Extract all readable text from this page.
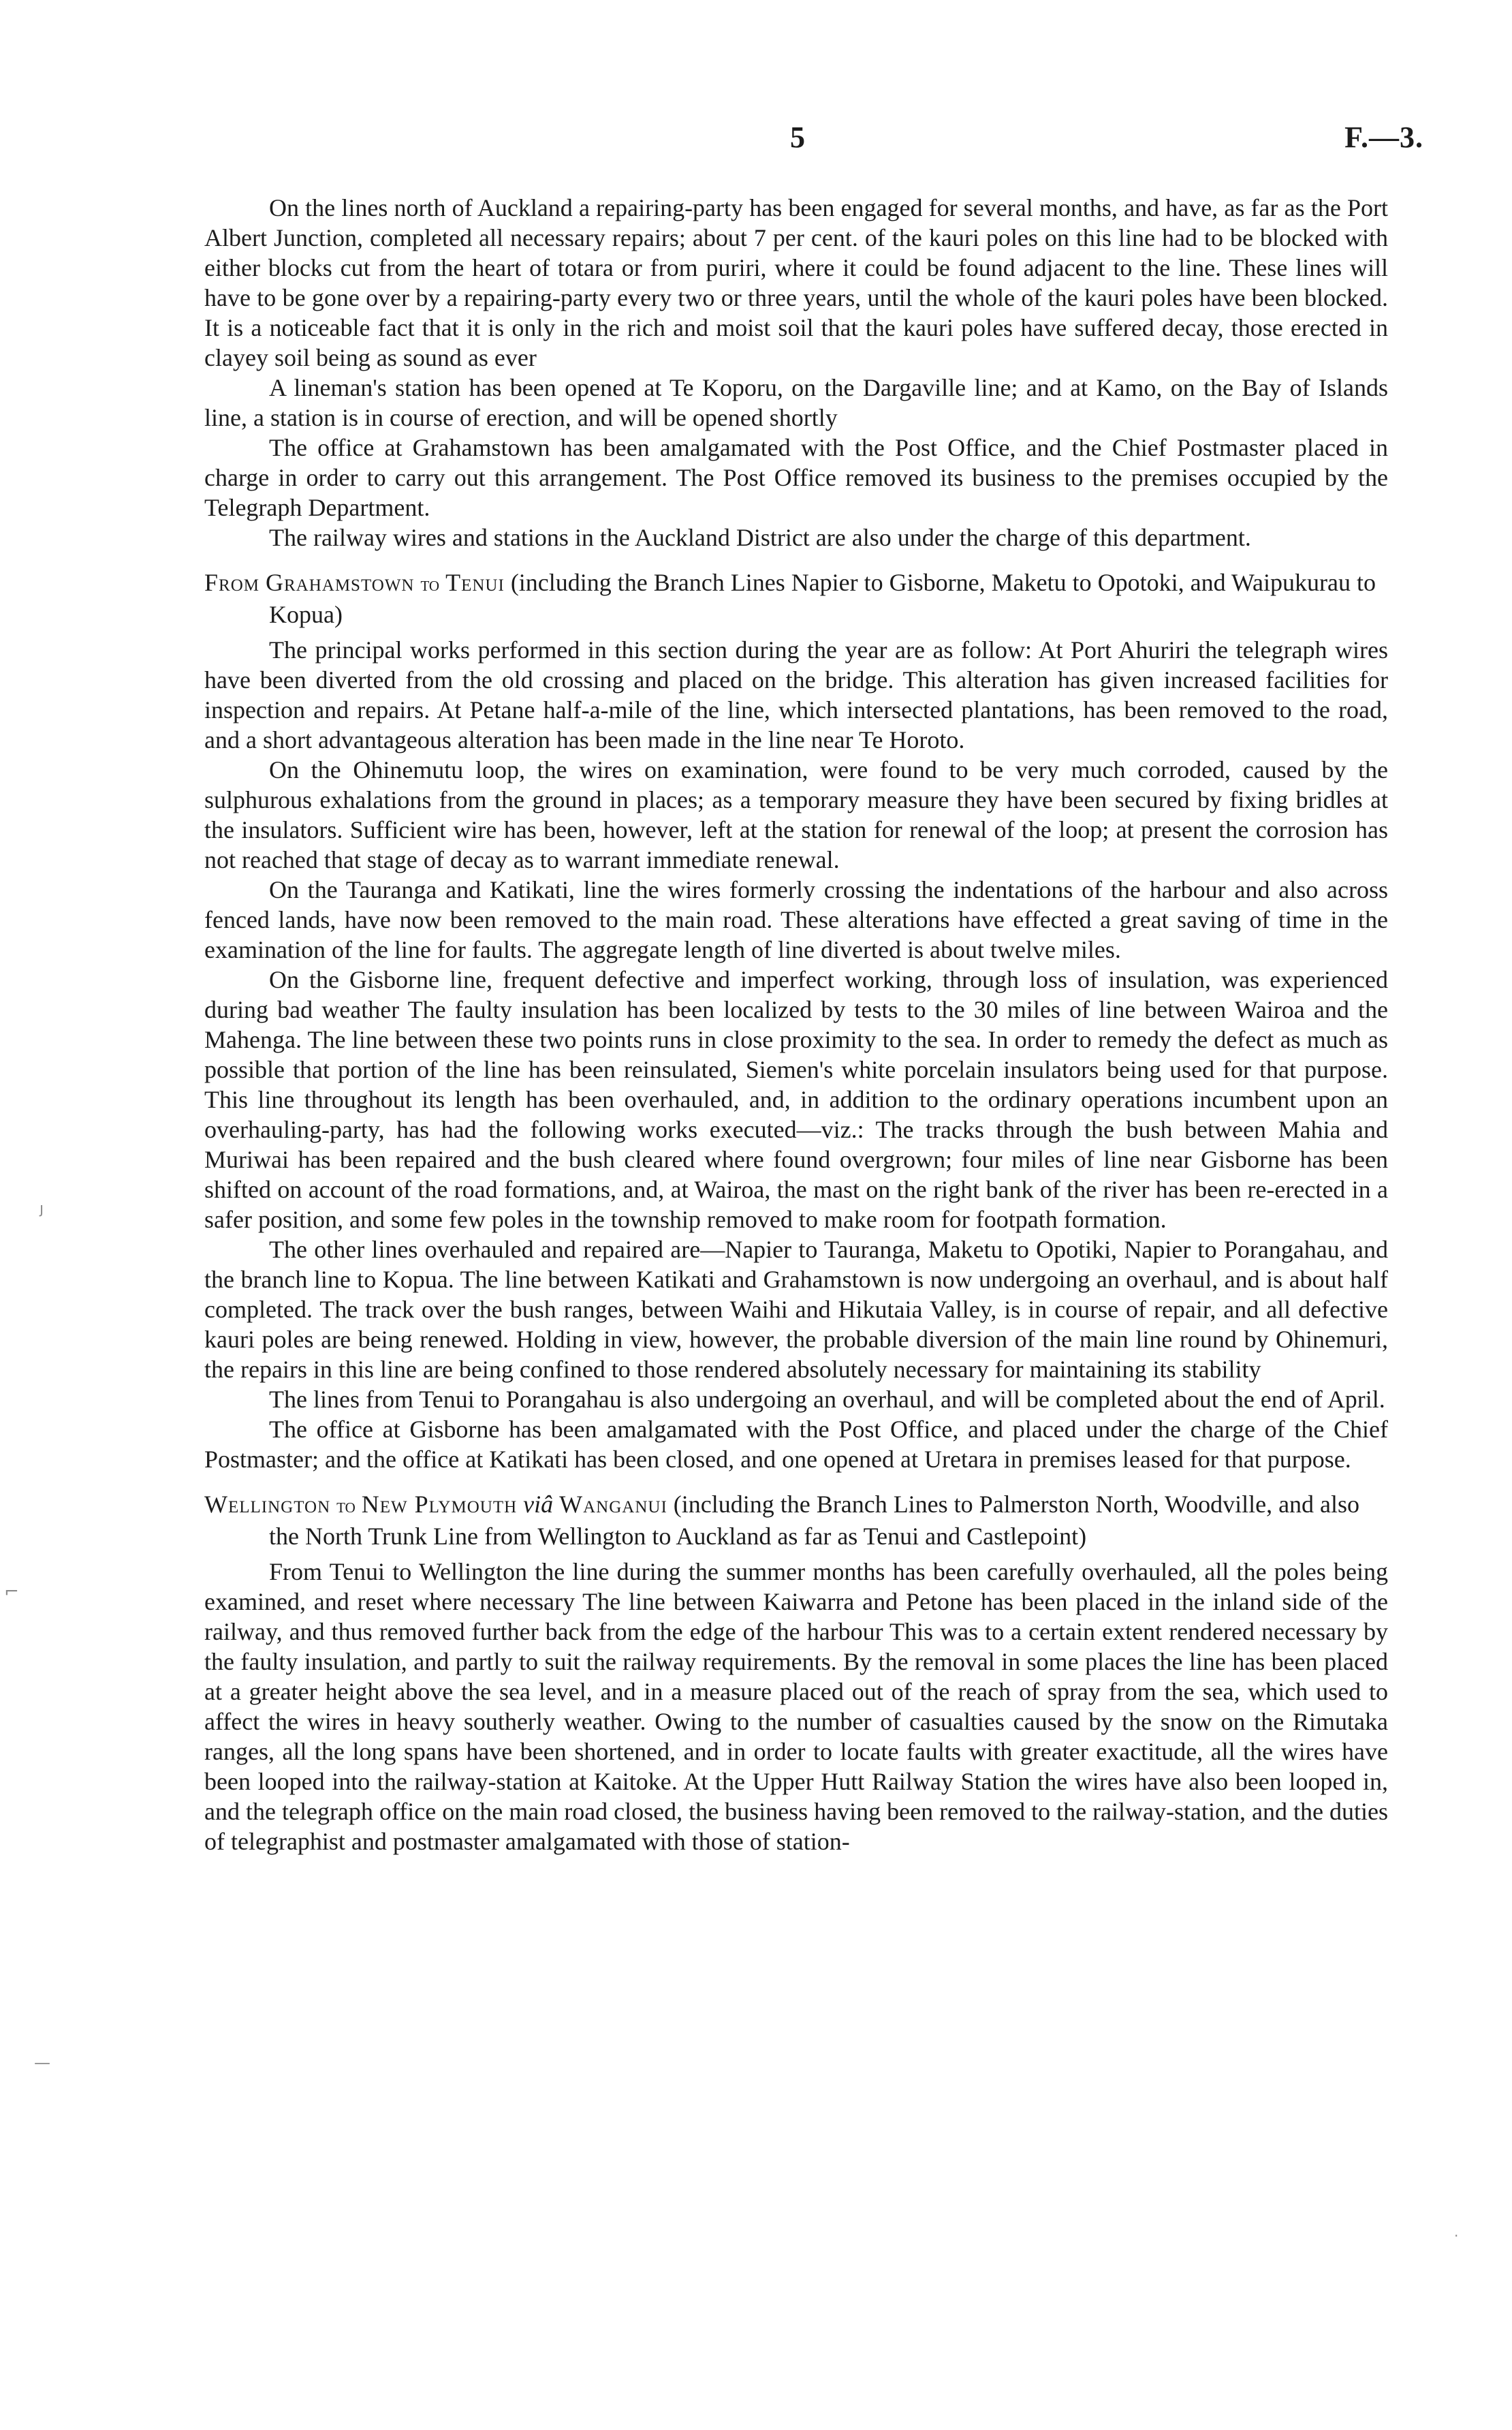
5	F.—3.

On the lines north of Auckland a repairing-party has been engaged for several months, and have, as far as the Port Albert Junction, completed all necessary repairs; about 7 per cent. of the kauri poles on this line had to be blocked with either blocks cut from the heart of totara or from puriri, where it could be found adjacent to the line. These lines will have to be gone over by a repairing-party every two or three years, until the whole of the kauri poles have been blocked. It is a noticeable fact that it is only in the rich and moist soil that the kauri poles have suffered decay, those erected in clayey soil being as sound as ever

A lineman's station has been opened at Te Koporu, on the Dargaville line; and at Kamo, on the Bay of Islands line, a station is in course of erection, and will be opened shortly

The office at Grahamstown has been amalgamated with the Post Office, and the Chief Postmaster placed in charge in order to carry out this arrangement. The Post Office removed its business to the premises occupied by the Telegraph Department.

The railway wires and stations in the Auckland District are also under the charge of this department.

From Grahamstown to Tenui (including the Branch Lines Napier to Gisborne, Maketu to Opotoki, and Waipukurau to Kopua)

The principal works performed in this section during the year are as follow: At Port Ahuriri the telegraph wires have been diverted from the old crossing and placed on the bridge. This alteration has given increased facilities for inspection and repairs. At Petane half-a-mile of the line, which intersected plantations, has been removed to the road, and a short advantageous alteration has been made in the line near Te Horoto.

On the Ohinemutu loop, the wires on examination, were found to be very much corroded, caused by the sulphurous exhalations from the ground in places; as a temporary measure they have been secured by fixing bridles at the insulators. Sufficient wire has been, however, left at the station for renewal of the loop; at present the corrosion has not reached that stage of decay as to warrant immediate renewal.

On the Tauranga and Katikati, line the wires formerly crossing the indentations of the harbour and also across fenced lands, have now been removed to the main road. These alterations have effected a great saving of time in the examination of the line for faults. The aggregate length of line diverted is about twelve miles.

On the Gisborne line, frequent defective and imperfect working, through loss of insulation, was experienced during bad weather The faulty insulation has been localized by tests to the 30 miles of line between Wairoa and the Mahenga. The line between these two points runs in close proximity to the sea. In order to remedy the defect as much as possible that portion of the line has been reinsulated, Siemen's white porcelain insulators being used for that purpose. This line throughout its length has been overhauled, and, in addition to the ordinary operations incumbent upon an overhauling-party, has had the following works executed—viz.: The tracks through the bush between Mahia and Muriwai has been repaired and the bush cleared where found overgrown; four miles of line near Gisborne has been shifted on account of the road formations, and, at Wairoa, the mast on the right bank of the river has been re-erected in a safer position, and some few poles in the township removed to make room for footpath formation.

The other lines overhauled and repaired are—Napier to Tauranga, Maketu to Opotiki, Napier to Porangahau, and the branch line to Kopua. The line between Katikati and Grahamstown is now undergoing an overhaul, and is about half completed. The track over the bush ranges, between Waihi and Hikutaia Valley, is in course of repair, and all defective kauri poles are being renewed. Holding in view, however, the probable diversion of the main line round by Ohinemuri, the repairs in this line are being confined to those rendered absolutely necessary for maintaining its stability

The lines from Tenui to Porangahau is also undergoing an overhaul, and will be completed about the end of April.

The office at Gisborne has been amalgamated with the Post Office, and placed under the charge of the Chief Postmaster; and the office at Katikati has been closed, and one opened at Uretara in premises leased for that purpose.

Wellington to New Plymouth viâ Wanganui (including the Branch Lines to Palmerston North, Woodville, and also the North Trunk Line from Wellington to Auckland as far as Tenui and Castlepoint)

From Tenui to Wellington the line during the summer months has been carefully overhauled, all the poles being examined, and reset where necessary The line between Kaiwarra and Petone has been placed in the inland side of the railway, and thus removed further back from the edge of the harbour This was to a certain extent rendered necessary by the faulty insulation, and partly to suit the railway requirements. By the removal in some places the line has been placed at a greater height above the sea level, and in a measure placed out of the reach of spray from the sea, which used to affect the wires in heavy southerly weather. Owing to the number of casualties caused by the snow on the Rimutaka ranges, all the long spans have been shortened, and in order to locate faults with greater exactitude, all the wires have been looped into the railway-station at Kaitoke. At the Upper Hutt Railway Station the wires have also been looped in, and the telegraph office on the main road closed, the business having been removed to the railway-station, and the duties of telegraphist and postmaster amalgamated with those of station-

ȷ
⌐
—
·
